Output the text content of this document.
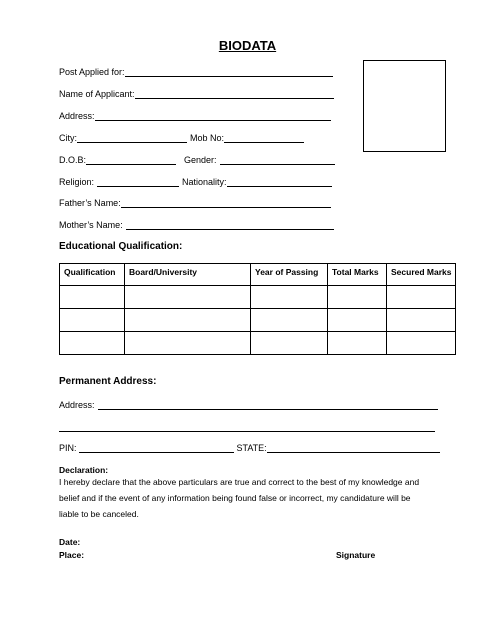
BIODATA
Post Applied for:
Name of Applicant:
Address:
City:	Mob No:
D.O.B:	Gender:
Religion:	Nationality:
Father’s Name:
Mother’s Name:
Educational Qualification:
Qualification	Board/University	Year of Passing	Total Marks	Secured Marks

Permanent Address:
Address:
PIN:	STATE:
Declaration:
I hereby declare that the above particulars are true and correct to the best of my knowledge and
belief and if the event of any information being found false or incorrect, my candidature will be
liable to be canceled.
Date:
Place:	Signature
